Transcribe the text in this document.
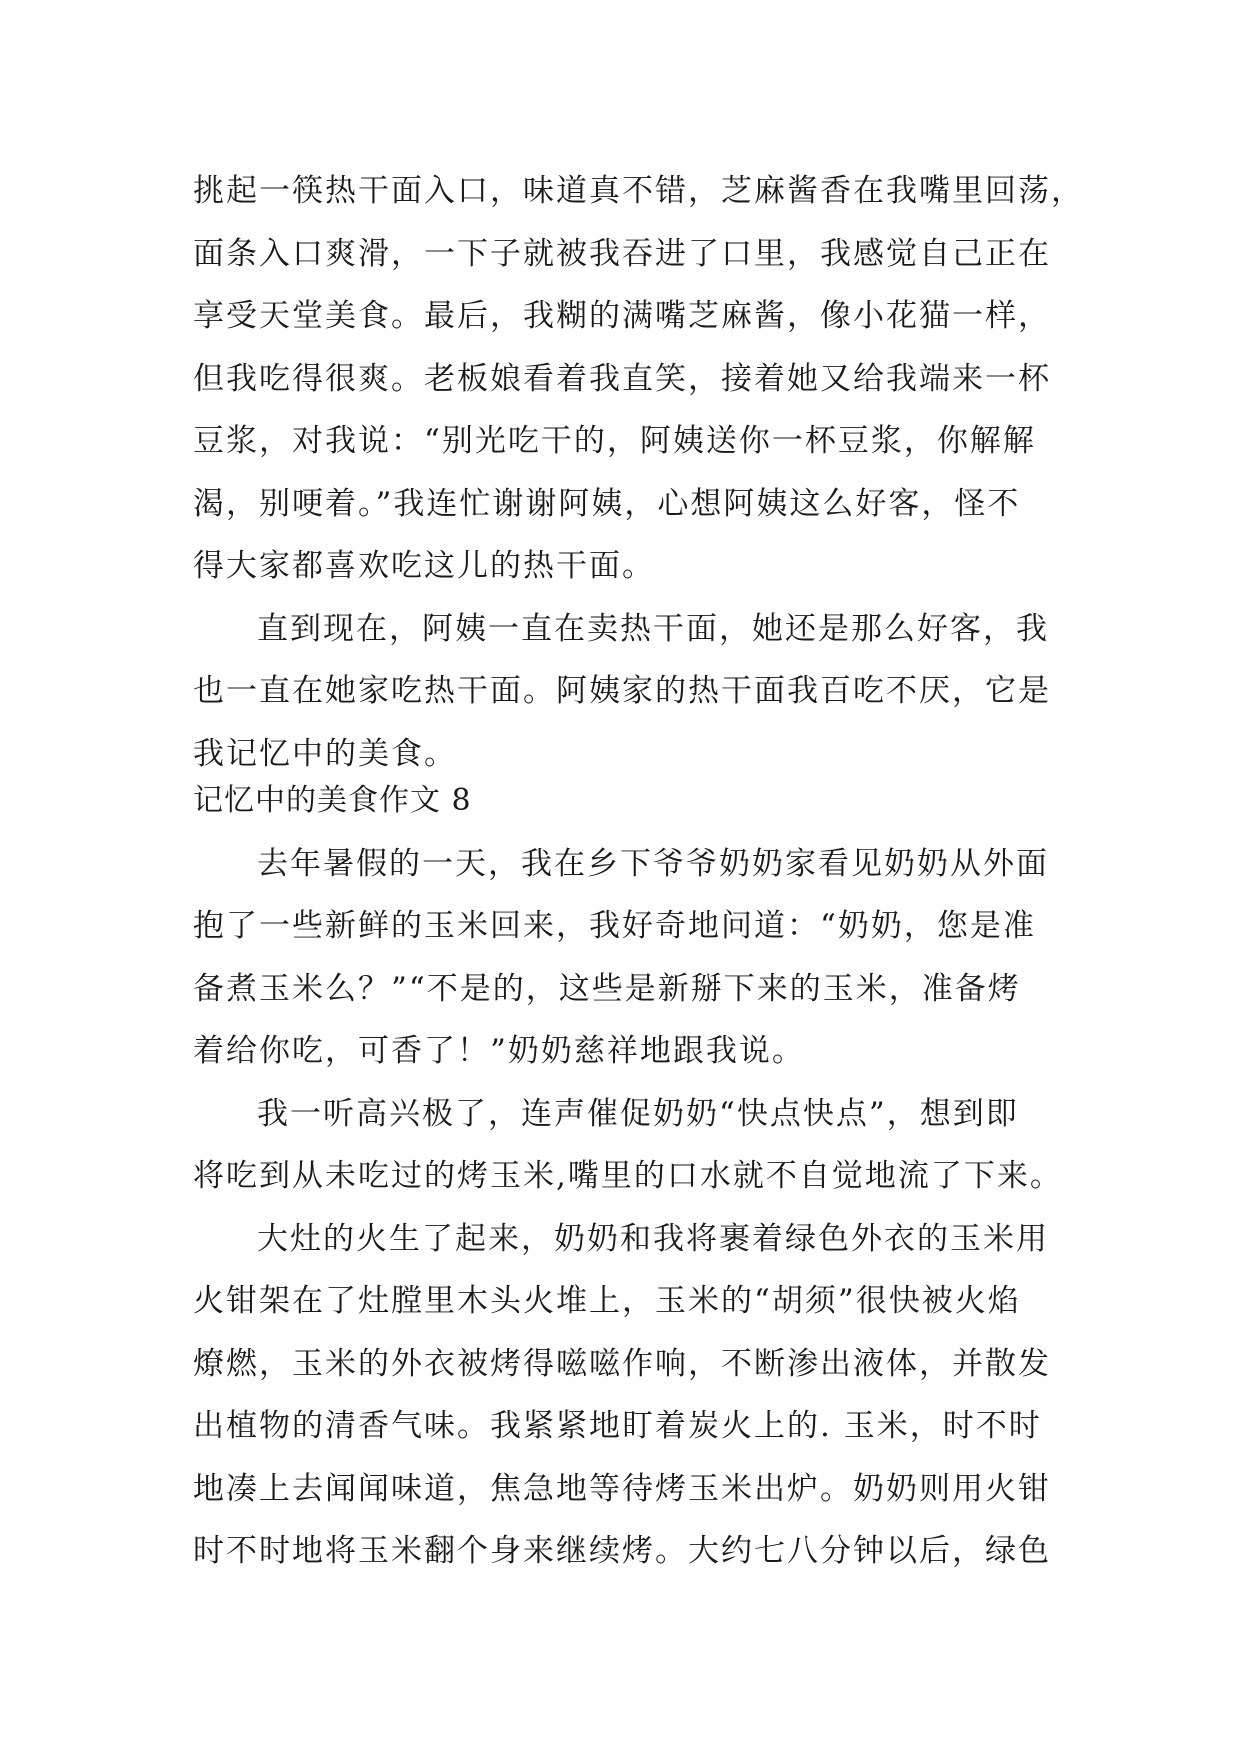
挑起一筷热干面入口，味道真不错，芝麻酱香在我嘴里回荡，
面条入口爽滑，一下子就被我吞进了口里，我感觉自己正在
享受天堂美食。最后，我糊的满嘴芝麻酱，像小花猫一样，
但我吃得很爽。老板娘看着我直笑，接着她又给我端来一杯
豆浆，对我说：“别光吃干的，阿姨送你一杯豆浆，你解解
渴，别哽着。”我连忙谢谢阿姨，心想阿姨这么好客，怪不
得大家都喜欢吃这儿的热干面。
直到现在，阿姨一直在卖热干面，她还是那么好客，我
也一直在她家吃热干面。阿姨家的热干面我百吃不厌，它是
我记忆中的美食。
记忆中的美食作文 8
去年暑假的一天，我在乡下爷爷奶奶家看见奶奶从外面
抱了一些新鲜的玉米回来，我好奇地问道：“奶奶，您是准
备煮玉米么？”“不是的，这些是新掰下来的玉米，准备烤
着给你吃，可香了！”奶奶慈祥地跟我说。
我一听高兴极了，连声催促奶奶“快点快点”，想到即
将吃到从未吃过的烤玉米,嘴里的口水就不自觉地流了下来。
大灶的火生了起来，奶奶和我将裹着绿色外衣的玉米用
火钳架在了灶膛里木头火堆上，玉米的“胡须”很快被火焰
燎燃，玉米的外衣被烤得嗞嗞作响，不断渗出液体，并散发
出植物的清香气味。我紧紧地盯着炭火上的. 玉米，时不时
地凑上去闻闻味道，焦急地等待烤玉米出炉。奶奶则用火钳
时不时地将玉米翻个身来继续烤。大约七八分钟以后，绿色
